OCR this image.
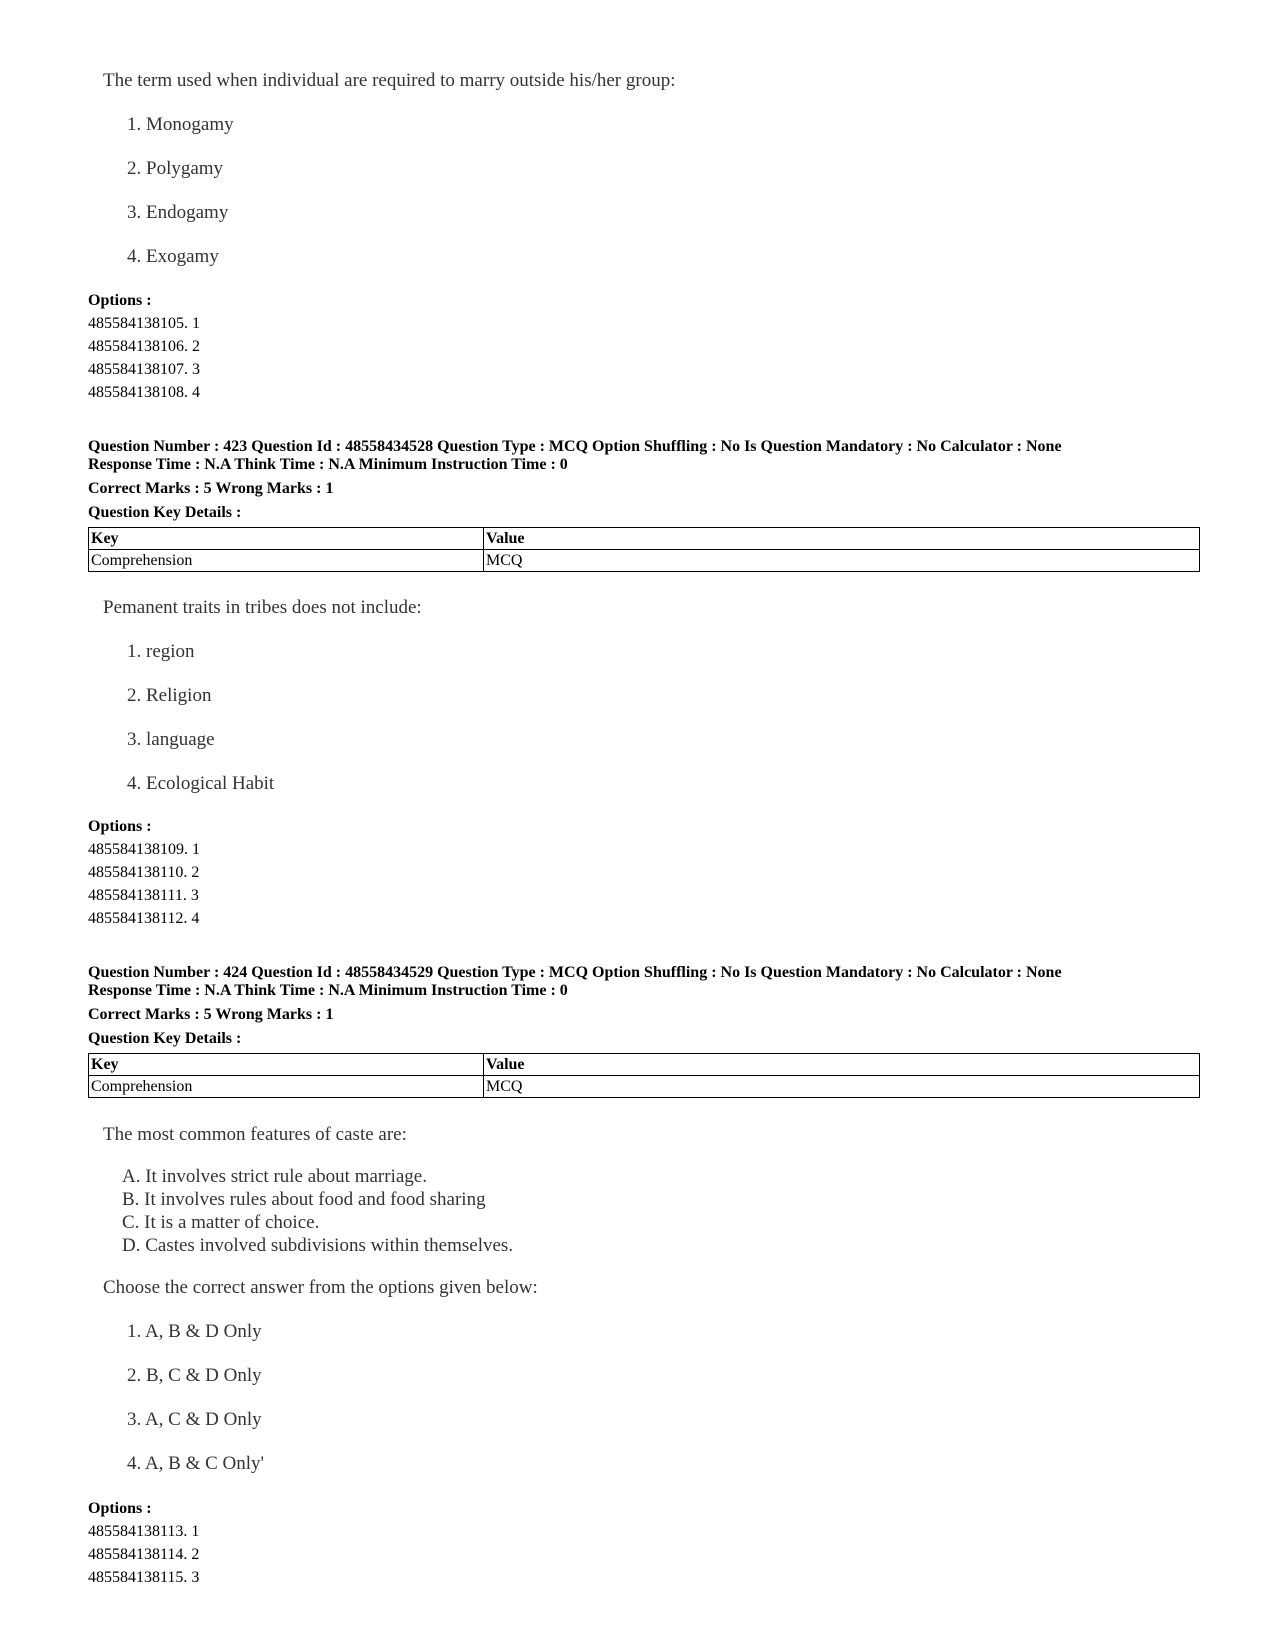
The term used when individual are required to marry outside his/her group:
1. Monogamy
2. Polygamy
3. Endogamy
4. Exogamy
Options :
485584138105. 1
485584138106. 2
485584138107. 3
485584138108. 4
Question Number : 423 Question Id : 48558434528 Question Type : MCQ Option Shuffling : No Is Question Mandatory : No Calculator : None
Response Time : N.A Think Time : N.A Minimum Instruction Time : 0
Correct Marks : 5 Wrong Marks : 1
Question Key Details :
Key	Value
Comprehension	MCQ
Pemanent traits in tribes does not include:
1. region
2. Religion
3. language
4. Ecological Habit
Options :
485584138109. 1
485584138110. 2
485584138111. 3
485584138112. 4
Question Number : 424 Question Id : 48558434529 Question Type : MCQ Option Shuffling : No Is Question Mandatory : No Calculator : None
Response Time : N.A Think Time : N.A Minimum Instruction Time : 0
Correct Marks : 5 Wrong Marks : 1
Question Key Details :
Key	Value
Comprehension	MCQ
The most common features of caste are:
A. It involves strict rule about marriage.
B. It involves rules about food and food sharing
C. It is a matter of choice.
D. Castes involved subdivisions within themselves.
Choose the correct answer from the options given below:
1. A, B & D Only
2. B, C & D Only
3. A, C & D Only
4. A, B & C Only'
Options :
485584138113. 1
485584138114. 2
485584138115. 3
